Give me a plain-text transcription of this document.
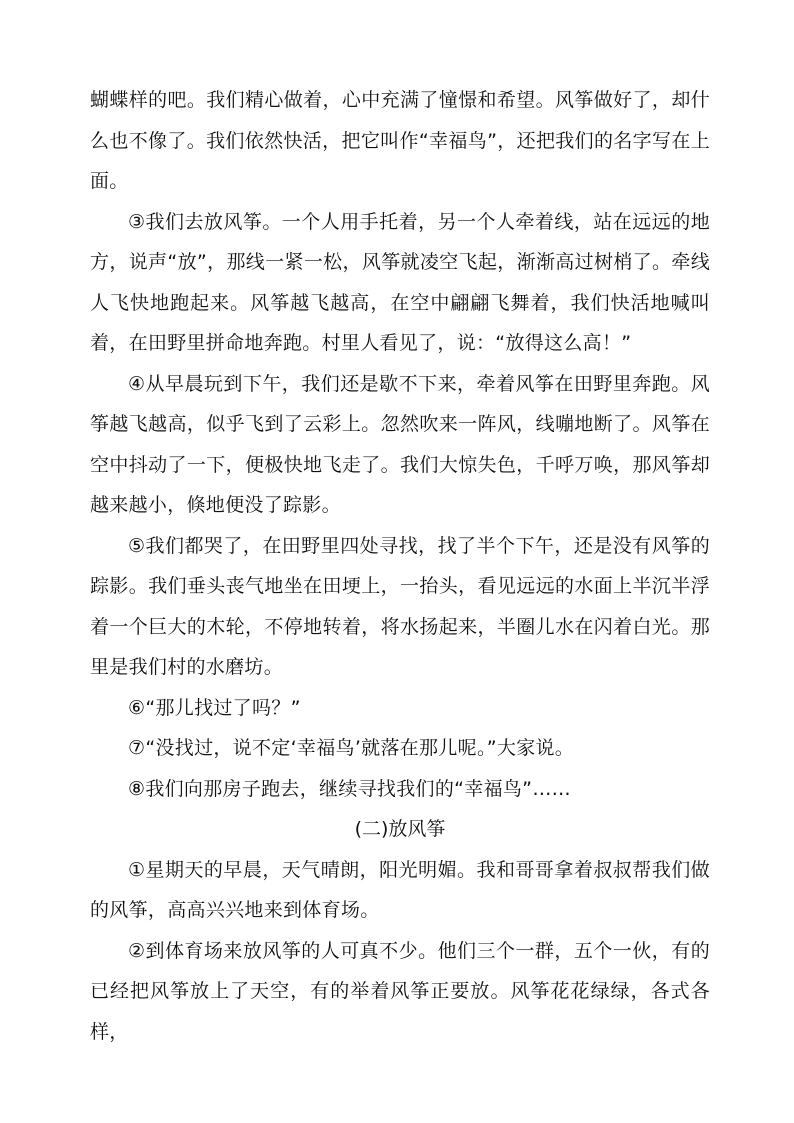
蝴蝶样的吧。我们精心做着，心中充满了憧憬和希望。风筝做好了，却什么也不像了。我们依然快活，把它叫作“幸福鸟”，还把我们的名字写在上面。

③我们去放风筝。一个人用手托着，另一个人牵着线，站在远远的地方，说声“放”，那线一紧一松，风筝就凌空飞起，渐渐高过树梢了。牵线人飞快地跑起来。风筝越飞越高，在空中翩翩飞舞着，我们快活地喊叫着，在田野里拼命地奔跑。村里人看见了，说：“放得这么高！”

④从早晨玩到下午，我们还是歇不下来，牵着风筝在田野里奔跑。风筝越飞越高，似乎飞到了云彩上。忽然吹来一阵风，线嘣地断了。风筝在空中抖动了一下，便极快地飞走了。我们大惊失色，千呼万唤，那风筝却越来越小，倏地便没了踪影。

⑤我们都哭了，在田野里四处寻找，找了半个下午，还是没有风筝的踪影。我们垂头丧气地坐在田埂上，一抬头，看见远远的水面上半沉半浮着一个巨大的木轮，不停地转着，将水扬起来，半圈儿水在闪着白光。那里是我们村的水磨坊。

⑥“那儿找过了吗？”

⑦“没找过，说不定‘幸福鸟’就落在那儿呢。”大家说。

⑧我们向那房子跑去，继续寻找我们的“幸福鸟”……

(二)放风筝

①星期天的早晨，天气晴朗，阳光明媚。我和哥哥拿着叔叔帮我们做的风筝，高高兴兴地来到体育场。

②到体育场来放风筝的人可真不少。他们三个一群，五个一伙，有的已经把风筝放上了天空，有的举着风筝正要放。风筝花花绿绿，各式各样，
